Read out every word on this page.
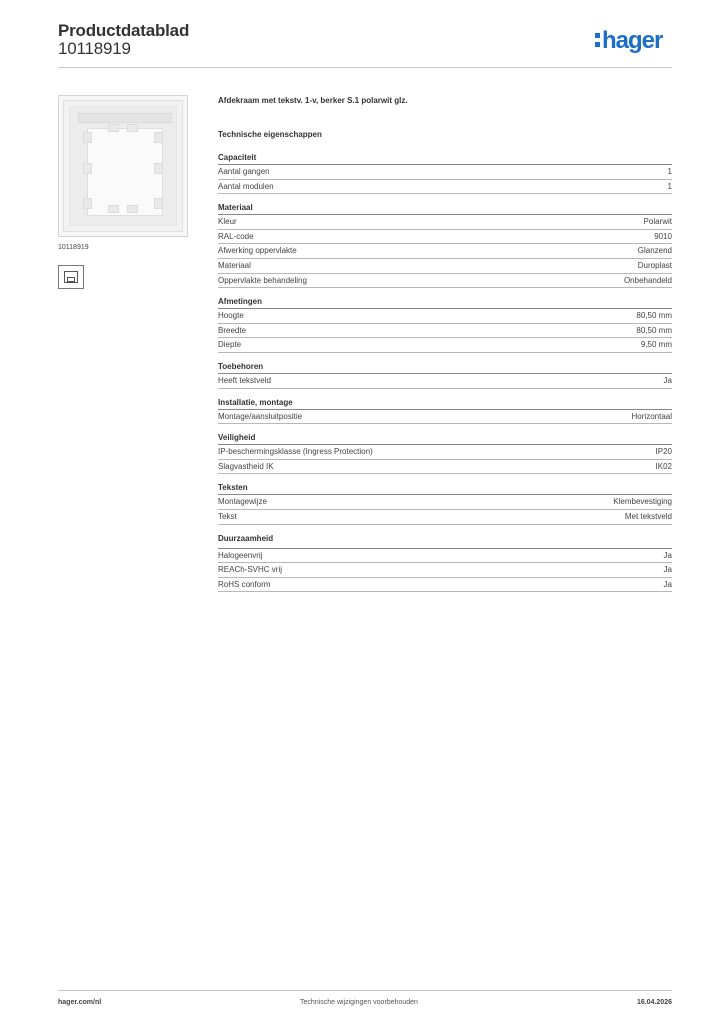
Productdatablad
10118919	hager
10118919
Afdekraam met tekstv. 1-v, berker S.1 polarwit glz.
Technische eigenschappen
Capaciteit
Aantal gangen	1
Aantal modulen	1
Materiaal
Kleur	Polarwit
RAL-code	9010
Afwerking oppervlakte	Glanzend
Materiaal	Duroplast
Oppervlakte behandeling	Onbehandeld
Afmetingen
Hoogte	80,50 mm
Breedte	80,50 mm
Diepte	9,50 mm
Toebehoren
Heeft tekstveld	Ja
Installatie, montage
Montage/aansluitpositie	Horizontaal
Veiligheid
IP-beschermingsklasse (Ingress Protection)	IP20
Slagvastheid IK	IK02
Teksten
Montagewijze	Klembevestiging
Tekst	Met tekstveld
Duurzaamheid
Halogeenvrij	Ja
REACh-SVHC vrij	Ja
RoHS conform	Ja
hager.com/nl	Technische wijzigingen voorbehouden	16.04.2026
